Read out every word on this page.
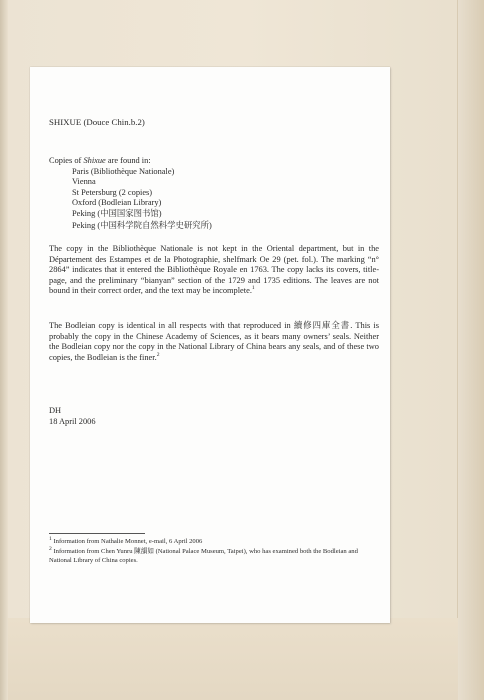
SHIXUE (Douce Chin.b.2)
Copies of Shixue are found in:
Paris (Bibliothèque Nationale)
Vienna
St Petersburg (2 copies)
Oxford (Bodleian Library)
Peking (中国国家图书馆)
Peking (中国科学院自然科学史研究所)
The copy in the Bibliothèque Nationale is not kept in the Oriental department, but in the Département des Estampes et de la Photographie, shelfmark Oe 29 (pet. fol.). The marking “n° 2864” indicates that it entered the Bibliothèque Royale en 1763. The copy lacks its covers, title-page, and the preliminary “bianyan” section of the 1729 and 1735 editions. The leaves are not bound in their correct order, and the text may be incomplete.$^1$
The Bodleian copy is identical in all respects with that reproduced in 續修四庫全書. This is probably the copy in the Chinese Academy of Sciences, as it bears many owners’ seals. Neither the Bodleian copy nor the copy in the National Library of China bears any seals, and of these two copies, the Bodleian is the finer.$^2$
DH
18 April 2006
$^1$ Information from Nathalie Monnet, e-mail, 6 April 2006
$^2$ Information from Chen Yunru 陳韻如 (National Palace Museum, Taipei), who has examined both the Bodleian and National Library of China copies.
